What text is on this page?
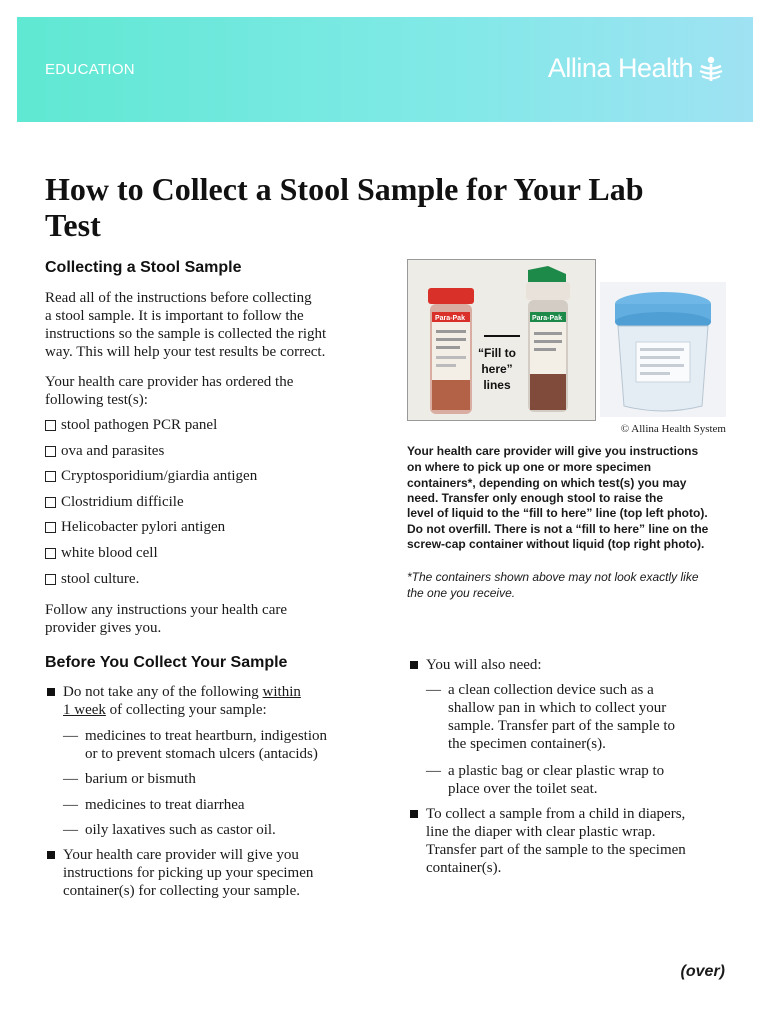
EDUCATION	Allina Health
How to Collect a Stool Sample for Your Lab Test
Collecting a Stool Sample
Read all of the instructions before collecting
a stool sample. It is important to follow the
instructions so the sample is collected the right
way. This will help your test results be correct.
Your health care provider has ordered the
following test(s):
stool pathogen PCR panel
ova and parasites
Cryptosporidium/giardia antigen
Clostridium difficile
Helicobacter pylori antigen
white blood cell
stool culture.
Follow any instructions your health care
provider gives you.
Para-Pak	Para-Pak
“Fill to
here”
lines
© Allina Health System
Your health care provider will give you instructions
on where to pick up one or more specimen
containers*, depending on which test(s) you may
need. Transfer only enough stool to raise the
level of liquid to the “fill to here” line (top left photo).
Do not overfill. There is not a “fill to here” line on the
screw-cap container without liquid (top right photo).
*The containers shown above may not look exactly like
the one you receive.
Before You Collect Your Sample
Do not take any of the following within
1 week of collecting your sample:
— medicines to treat heartburn, indigestion
or to prevent stomach ulcers (antacids)
— barium or bismuth
— medicines to treat diarrhea
— oily laxatives such as castor oil.
Your health care provider will give you
instructions for picking up your specimen
container(s) for collecting your sample.
You will also need:
— a clean collection device such as a
shallow pan in which to collect your
sample. Transfer part of the sample to
the specimen container(s).
— a plastic bag or clear plastic wrap to
place over the toilet seat.
To collect a sample from a child in diapers,
line the diaper with clear plastic wrap.
Transfer part of the sample to the specimen
container(s).
(over)
